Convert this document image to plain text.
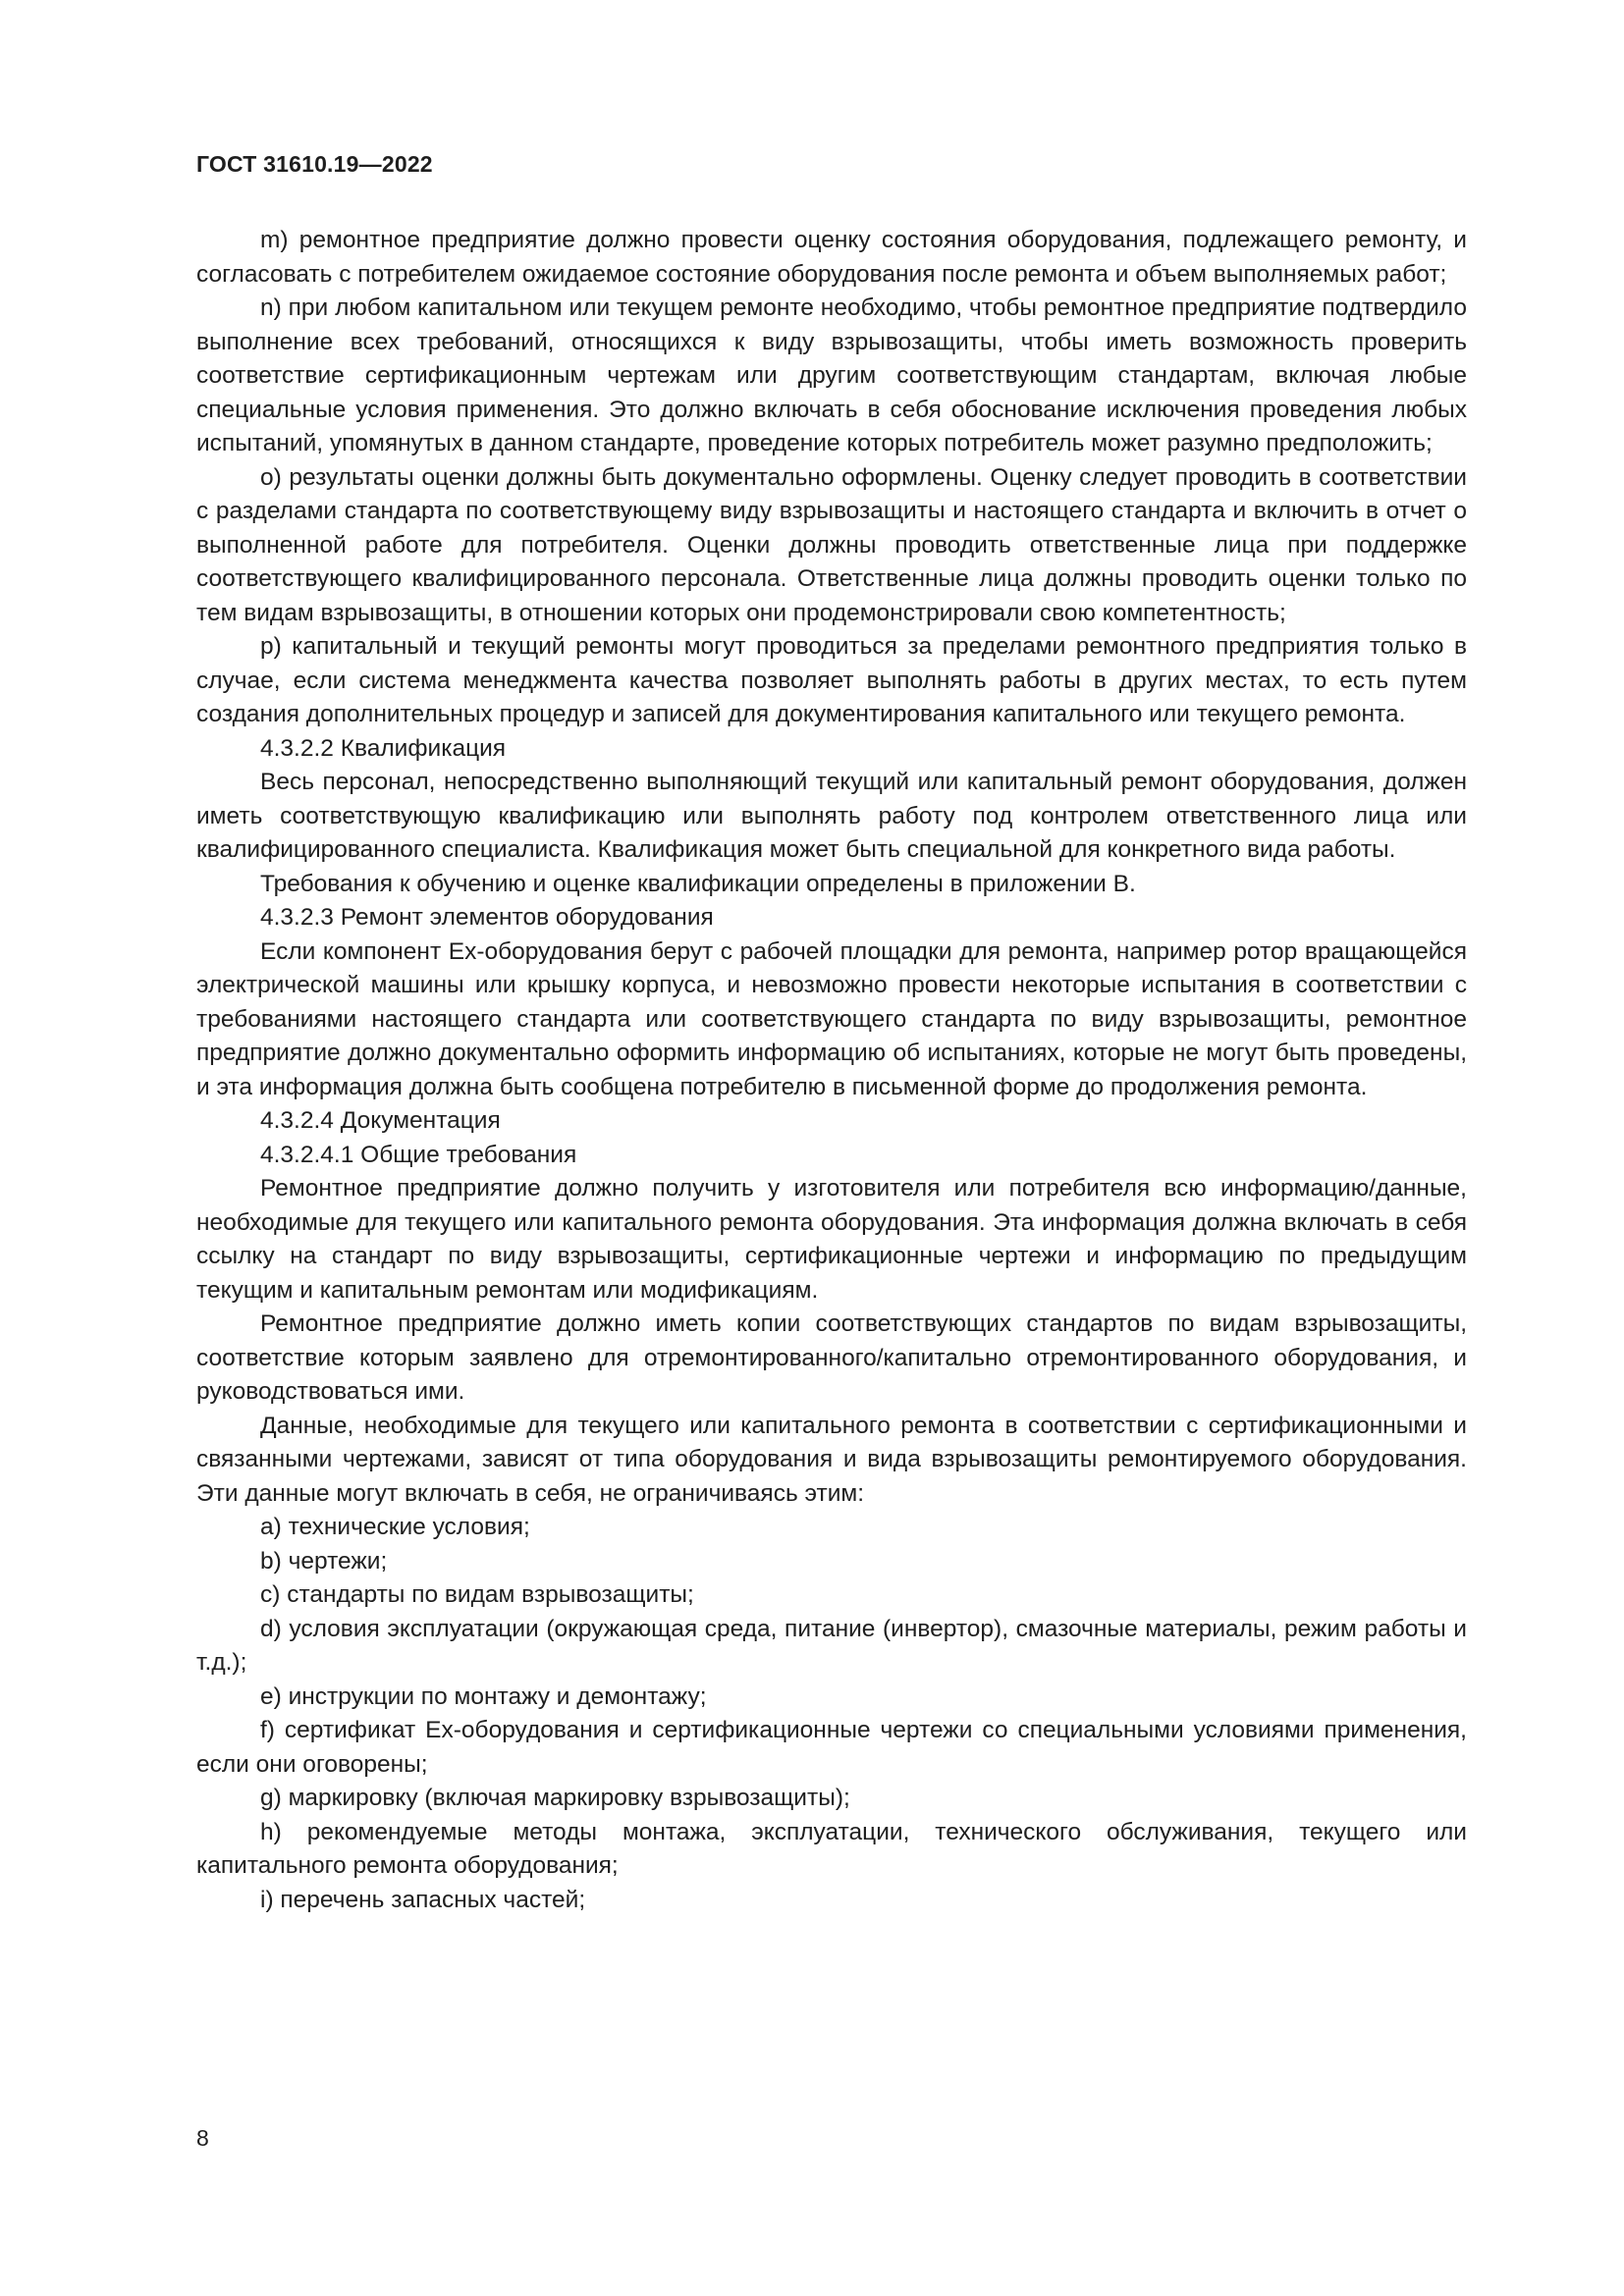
ГОСТ 31610.19—2022

m) ремонтное предприятие должно провести оценку состояния оборудования, подлежащего ремонту, и согласовать с потребителем ожидаемое состояние оборудования после ремонта и объем выполняемых работ;

n) при любом капитальном или текущем ремонте необходимо, чтобы ремонтное предприятие подтвердило выполнение всех требований, относящихся к виду взрывозащиты, чтобы иметь возможность проверить соответствие сертификационным чертежам или другим соответствующим стандартам, включая любые специальные условия применения. Это должно включать в себя обоснование исключения проведения любых испытаний, упомянутых в данном стандарте, проведение которых потребитель может разумно предположить;

o) результаты оценки должны быть документально оформлены. Оценку следует проводить в соответствии с разделами стандарта по соответствующему виду взрывозащиты и настоящего стандарта и включить в отчет о выполненной работе для потребителя. Оценки должны проводить ответственные лица при поддержке соответствующего квалифицированного персонала. Ответственные лица должны проводить оценки только по тем видам взрывозащиты, в отношении которых они продемонстрировали свою компетентность;

p) капитальный и текущий ремонты могут проводиться за пределами ремонтного предприятия только в случае, если система менеджмента качества позволяет выполнять работы в других местах, то есть путем создания дополнительных процедур и записей для документирования капитального или текущего ремонта.

4.3.2.2 Квалификация

Весь персонал, непосредственно выполняющий текущий или капитальный ремонт оборудования, должен иметь соответствующую квалификацию или выполнять работу под контролем ответственного лица или квалифицированного специалиста. Квалификация может быть специальной для конкретного вида работы.

Требования к обучению и оценке квалификации определены в приложении В.

4.3.2.3 Ремонт элементов оборудования

Если компонент Ех-оборудования берут с рабочей площадки для ремонта, например ротор вращающейся электрической машины или крышку корпуса, и невозможно провести некоторые испытания в соответствии с требованиями настоящего стандарта или соответствующего стандарта по виду взрывозащиты, ремонтное предприятие должно документально оформить информацию об испытаниях, которые не могут быть проведены, и эта информация должна быть сообщена потребителю в письменной форме до продолжения ремонта.

4.3.2.4 Документация

4.3.2.4.1 Общие требования

Ремонтное предприятие должно получить у изготовителя или потребителя всю информацию/данные, необходимые для текущего или капитального ремонта оборудования. Эта информация должна включать в себя ссылку на стандарт по виду взрывозащиты, сертификационные чертежи и информацию по предыдущим текущим и капитальным ремонтам или модификациям.

Ремонтное предприятие должно иметь копии соответствующих стандартов по видам взрывозащиты, соответствие которым заявлено для отремонтированного/капитально отремонтированного оборудования, и руководствоваться ими.

Данные, необходимые для текущего или капитального ремонта в соответствии с сертификационными и связанными чертежами, зависят от типа оборудования и вида взрывозащиты ремонтируемого оборудования. Эти данные могут включать в себя, не ограничиваясь этим:

a) технические условия;

b) чертежи;

c) стандарты по видам взрывозащиты;

d) условия эксплуатации (окружающая среда, питание (инвертор), смазочные материалы, режим работы и т.д.);

e) инструкции по монтажу и демонтажу;

f) сертификат Ех-оборудования и сертификационные чертежи со специальными условиями применения, если они оговорены;

g) маркировку (включая маркировку взрывозащиты);

h) рекомендуемые методы монтажа, эксплуатации, технического обслуживания, текущего или капитального ремонта оборудования;

i) перечень запасных частей;

8
